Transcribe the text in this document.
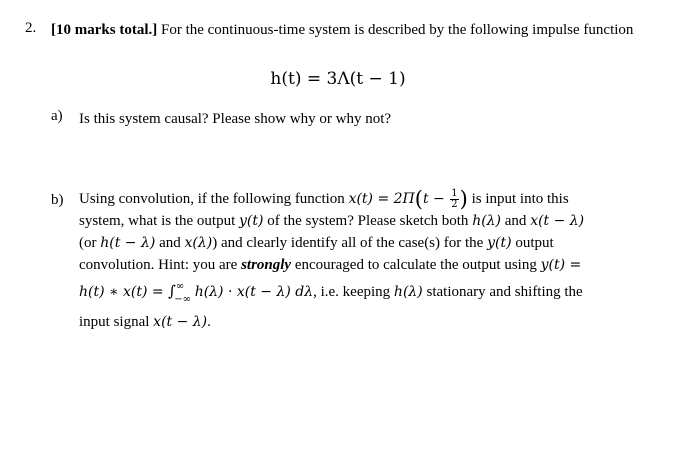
2. [10 marks total.] For the continuous-time system is described by the following impulse function
h(t) = 3Λ(t − 1)
a) Is this system causal? Please show why or why not?
b) Using convolution, if the following function $x(t) = 2\Pi(t - \frac{1}{2}$ ) is input into this
system, what is the output y(t) of the system? Please sketch both h(λ) and x(t − λ)
(or h(t − λ) and x(λ)) and clearly identify all of the case(s) for the y(t) output
convolution. Hint: you are strongly encouraged to calculate the output using y(t) =
h(t) ∗ $x(t) = \int^\infty_{-\infty}$ h(λ) · x(t − λ) dλ, i.e. keeping h(λ) stationary and shifting the
input signal x(t − λ).
